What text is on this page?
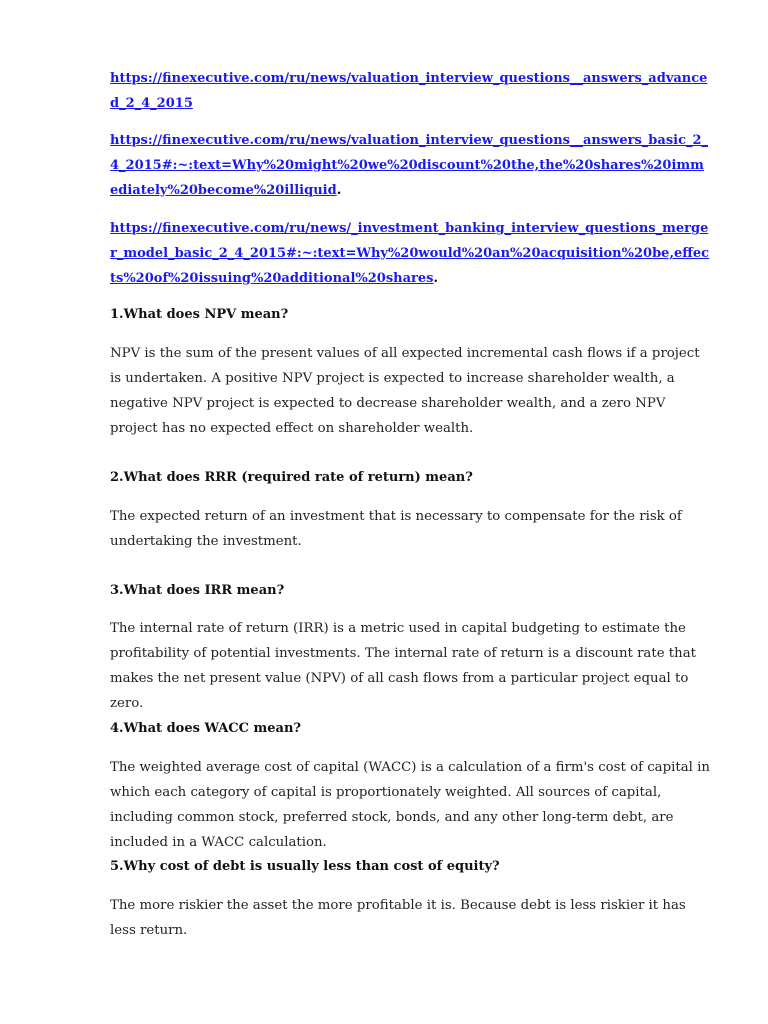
https://finexecutive.com/ru/news/valuation_interview_questions__answers_advanced_2_4_2015
https://finexecutive.com/ru/news/valuation_interview_questions__answers_basic_2_4_2015#:~:text=Why%20might%20we%20discount%20the,the%20shares%20immediately%20become%20illiquid.
https://finexecutive.com/ru/news/_investment_banking_interview_questions_merger_model_basic_2_4_2015#:~:text=Why%20would%20an%20acquisition%20be,effects%20of%20issuing%20additional%20shares.
1.What does NPV mean?
NPV is the sum of the present values of all expected incremental cash flows if a project is undertaken. A positive NPV project is expected to increase shareholder wealth, a negative NPV project is expected to decrease shareholder wealth, and a zero NPV project has no expected effect on shareholder wealth.
2.What does RRR (required rate of return) mean?
The expected return of an investment that is necessary to compensate for the risk of undertaking the investment.
3.What does IRR mean?
The internal rate of return (IRR) is a metric used in capital budgeting to estimate the profitability of potential investments. The internal rate of return is a discount rate that makes the net present value (NPV) of all cash flows from a particular project equal to zero.
4.What does WACC mean?
The weighted average cost of capital (WACC) is a calculation of a firm's cost of capital in which each category of capital is proportionately weighted. All sources of capital, including common stock, preferred stock, bonds, and any other long-term debt, are included in a WACC calculation.
5.Why cost of debt is usually less than cost of equity?
The more riskier the asset the more profitable it is. Because debt is less riskier it has less return.
